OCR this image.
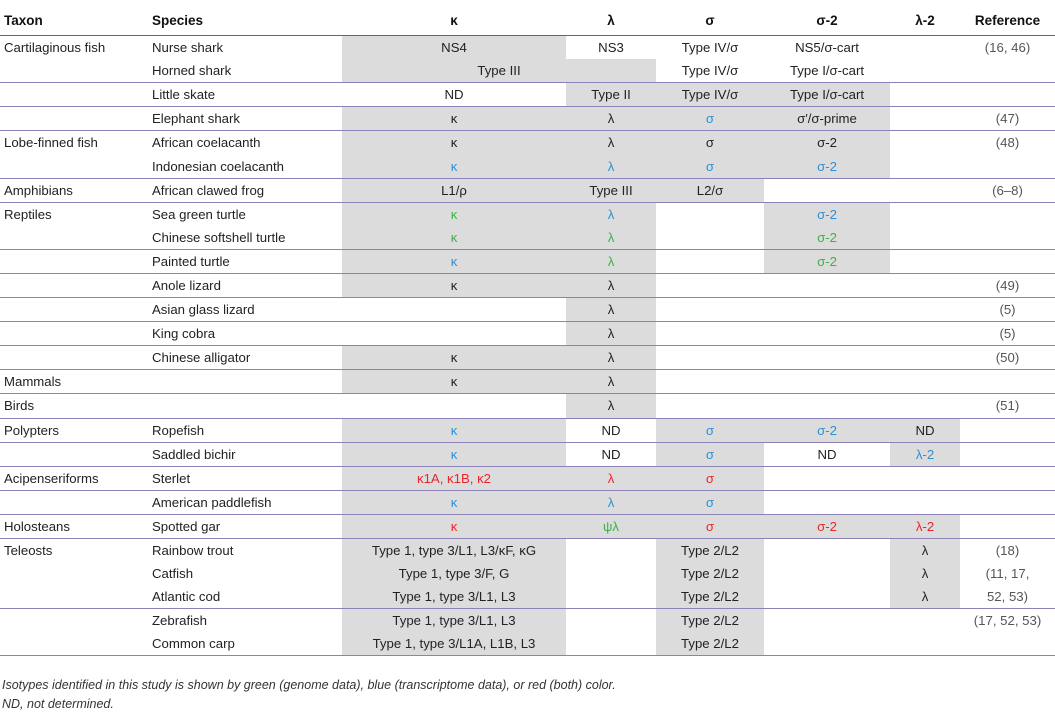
Taxon	Species	κ	λ	σ	σ-2	λ-2	Reference
Cartilaginous fish	Nurse shark	NS4	NS3	Type IV/σ	NS5/σ-cart		(16, 46)
	Horned shark	Type III		Type IV/σ	Type I/σ-cart		
	Little skate	ND	Type II	Type IV/σ	Type I/σ-cart		
	Elephant shark	κ	λ	σ	σ′/σ-prime		(47)
Lobe-finned fish	African coelacanth	κ	λ	σ	σ-2		(48)
	Indonesian coelacanth	κ	λ	σ	σ-2		
Amphibians	African clawed frog	L1/ρ	Type III	L2/σ			(6–8)
Reptiles	Sea green turtle	κ	λ		σ-2		
	Chinese softshell turtle	κ	λ		σ-2		
	Painted turtle	κ	λ		σ-2		
	Anole lizard	κ	λ				(49)
	Asian glass lizard		λ				(5)
	King cobra		λ				(5)
	Chinese alligator	κ	λ				(50)
Mammals		κ	λ				
Birds			λ				(51)
Polypters	Ropefish	κ	ND	σ	σ-2	ND	
	Saddled bichir	κ	ND	σ	ND	λ-2	
Acipenseriforms	Sterlet	κ1A, κ1B, κ2	λ	σ			
	American paddlefish	κ	λ	σ			
Holosteans	Spotted gar	κ	ψλ	σ	σ-2	λ-2	
Teleosts	Rainbow trout	Type 1, type 3/L1, L3/κF, κG		Type 2/L2		λ	(18)
	Catfish	Type 1, type 3/F, G		Type 2/L2		λ	(11, 17,
	Atlantic cod	Type 1, type 3/L1, L3		Type 2/L2		λ	52, 53)
	Zebrafish	Type 1, type 3/L1, L3		Type 2/L2			(17, 52, 53)
	Common carp	Type 1, type 3/L1A, L1B, L3		Type 2/L2			
Isotypes identified in this study is shown by green (genome data), blue (transcriptome data), or red (both) color.
ND, not determined.
